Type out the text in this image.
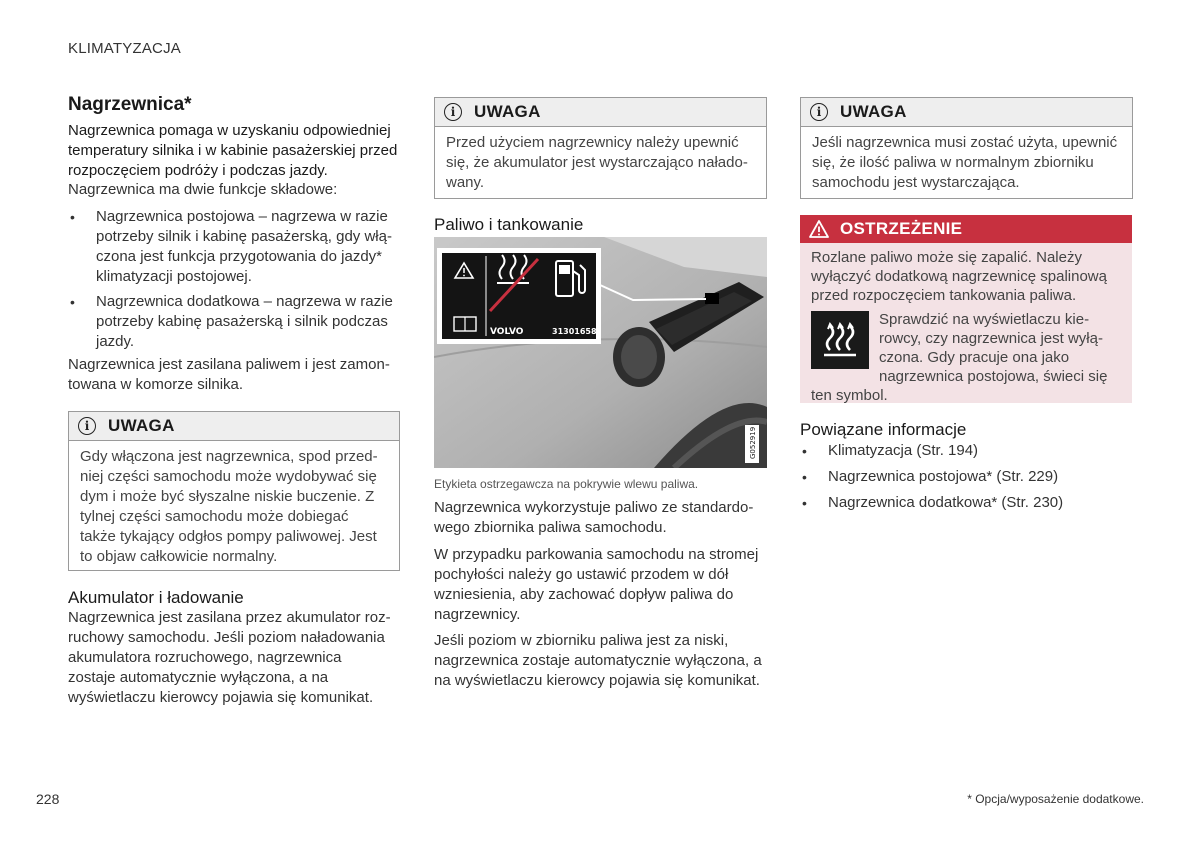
KLIMATYZACJA
Nagrzewnica*

Nagrzewnica pomaga w uzyskaniu odpowiedniej temperatury silnika i w kabinie pasażerskiej przed rozpoczęciem podróży i podczas jazdy.

Nagrzewnica ma dwie funkcje składowe:

• Nagrzewnica postojowa – nagrzewa w razie potrzeby silnik i kabinę pasażerską, gdy włączona jest funkcja przygotowania do jazdy* klimatyzacji postojowej.
• Nagrzewnica dodatkowa – nagrzewa w razie potrzeby kabinę pasażerską i silnik podczas jazdy.

Nagrzewnica jest zasilana paliwem i jest zamontowana w komorze silnika.

i	UWAGA

Gdy włączona jest nagrzewnica, spod przedniej części samochodu może wydobywać się dym i może być słyszalne niskie buczenie. Z tylnej części samochodu może dobiegać także tykający odgłos pompy paliwowej. Jest to objaw całkowicie normalny.

Akumulator i ładowanie

Nagrzewnica jest zasilana przez akumulator rozruchowy samochodu. Jeśli poziom naładowania akumulatora rozruchowego, nagrzewnica zostaje automatycznie wyłączona, a na wyświetlaczu kierowcy pojawia się komunikat.

i	UWAGA

Przed użyciem nagrzewnicy należy upewnić się, że akumulator jest wystarczająco naładowany.

Paliwo i tankowanie
VOLVO	31301658
G052919

Etykieta ostrzegawcza na pokrywie wlewu paliwa.

Nagrzewnica wykorzystuje paliwo ze standardowego zbiornika paliwa samochodu.

W przypadku parkowania samochodu na stromej pochyłości należy go ustawić przodem w dół wzniesienia, aby zachować dopływ paliwa do nagrzewnicy.

Jeśli poziom w zbiorniku paliwa jest za niski, nagrzewnica zostaje automatycznie wyłączona, a na wyświetlaczu kierowcy pojawia się komunikat.

i	UWAGA

Jeśli nagrzewnica musi zostać użyta, upewnić się, że ilość paliwa w normalnym zbiorniku samochodu jest wystarczająca.

OSTRZEŻENIE

Rozlane paliwo może się zapalić. Należy wyłączyć dodatkową nagrzewnicę spalinową przed rozpoczęciem tankowania paliwa.

Sprawdzić na wyświetlaczu kierowcy, czy nagrzewnica jest wyłączona. Gdy pracuje ona jako nagrzewnica postojowa, świeci się

ten symbol.

Powiązane informacje
• Klimatyzacja (Str. 194)
• Nagrzewnica postojowa* (Str. 229)
• Nagrzewnica dodatkowa* (Str. 230)
228	* Opcja/wyposażenie dodatkowe.
